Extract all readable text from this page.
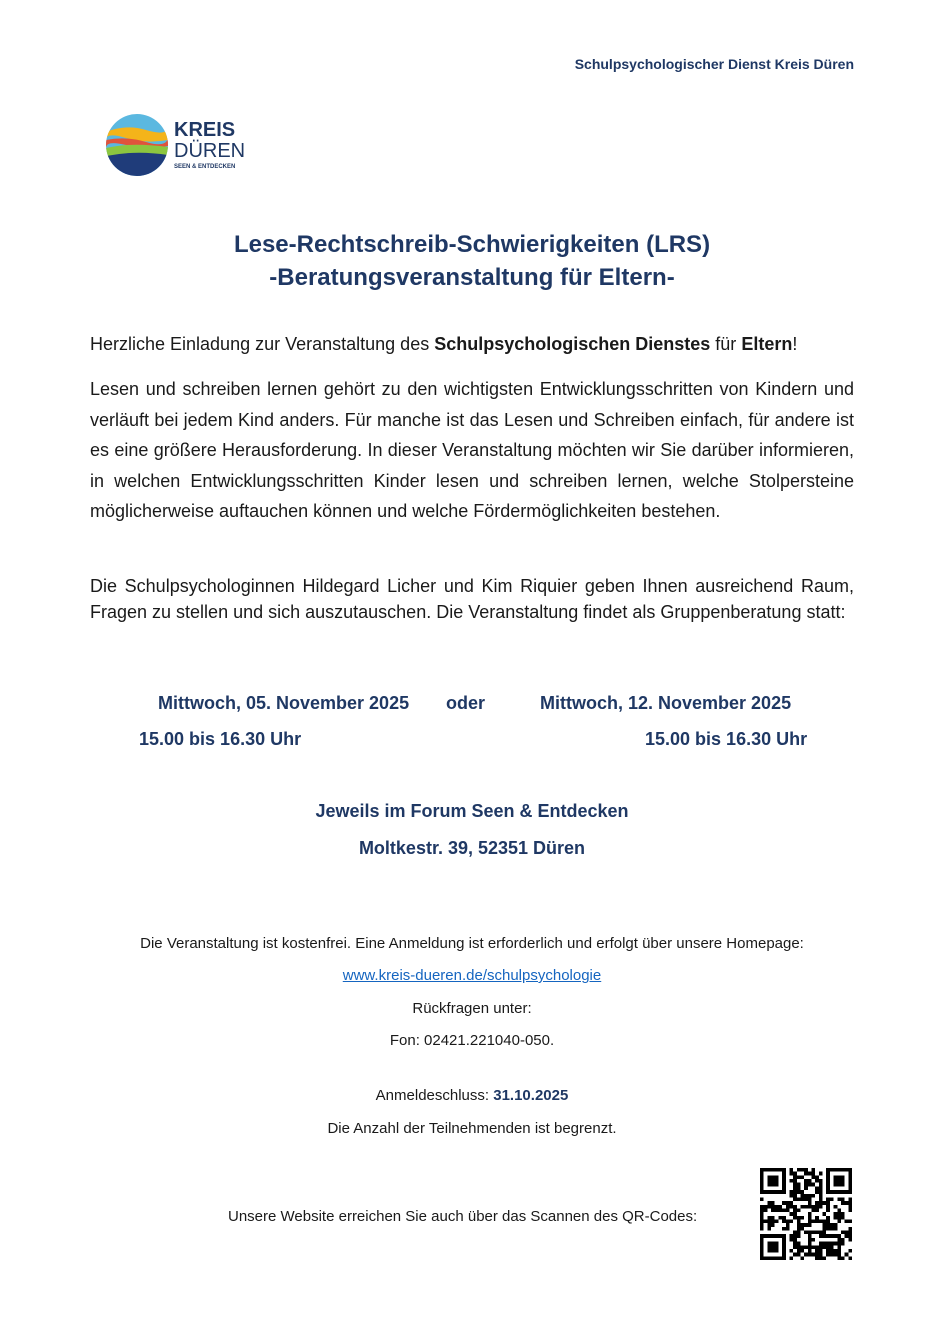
Schulpsychologischer Dienst Kreis Düren
KREIS
DÜREN
SEEN & ENTDECKEN
Lese-Rechtschreib-Schwierigkeiten (LRS)
-Beratungsveranstaltung für Eltern-
Herzliche Einladung zur Veranstaltung des Schulpsychologischen Dienstes für Eltern!
Lesen und schreiben lernen gehört zu den wichtigsten Entwicklungsschritten von Kindern und verläuft bei jedem Kind anders. Für manche ist das Lesen und Schreiben einfach, für andere ist es eine größere Herausforderung. In dieser Veranstaltung möchten wir Sie darüber informieren, in welchen Entwicklungsschritten Kinder lesen und schreiben lernen, welche Stolpersteine möglicherweise auftauchen können und welche Fördermöglichkeiten bestehen.
Die Schulpsychologinnen Hildegard Licher und Kim Riquier geben Ihnen ausreichend Raum, Fragen zu stellen und sich auszutauschen. Die Veranstaltung findet als Gruppenberatung statt:
Mittwoch, 05. November 2025 oder	Mittwoch, 12. November 2025
15.00 bis 16.30 Uhr	15.00 bis 16.30 Uhr
Jeweils im Forum Seen & Entdecken
Moltkestr. 39, 52351 Düren
Die Veranstaltung ist kostenfrei. Eine Anmeldung ist erforderlich und erfolgt über unsere Homepage:
www.kreis-dueren.de/schulpsychologie
Rückfragen unter:
Fon: 02421.221040-050.
Anmeldeschluss: 31.10.2025
Die Anzahl der Teilnehmenden ist begrenzt.
Unsere Website erreichen Sie auch über das Scannen des QR-Codes:
